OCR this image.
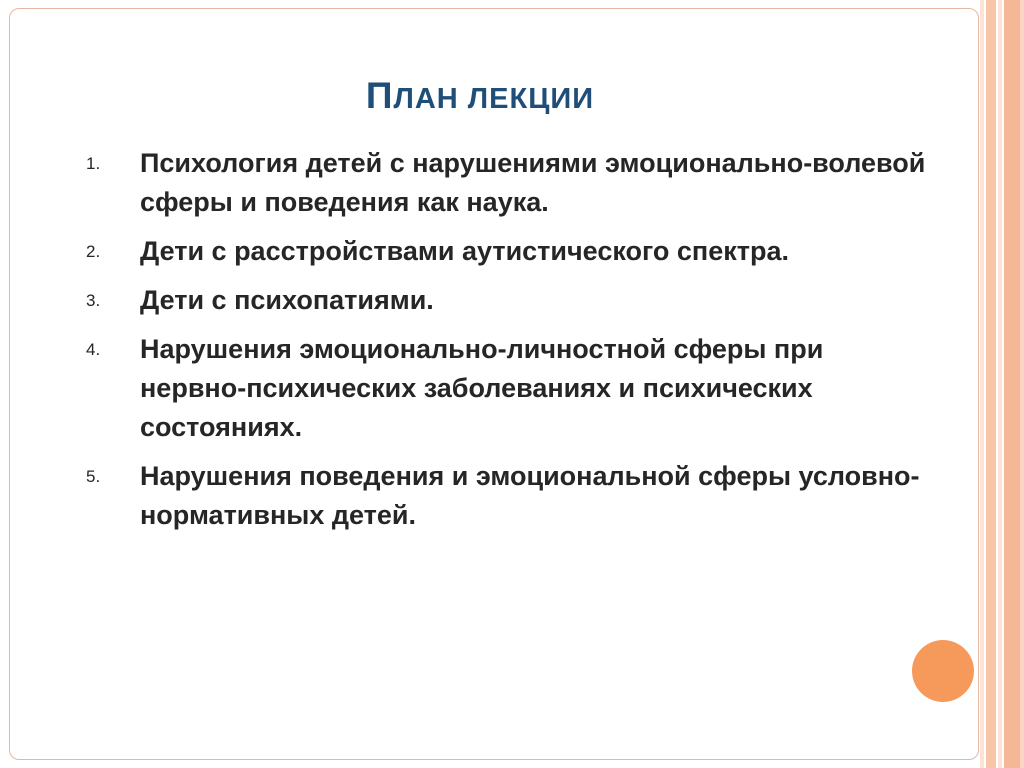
ПЛАН ЛЕКЦИИ
1. Психология детей с нарушениями эмоционально-волевой сферы и поведения как наука.
2. Дети с расстройствами аутистического спектра.
3. Дети с психопатиями.
4. Нарушения эмоционально-личностной сферы при нервно-психических заболеваниях и психических состояниях.
5. Нарушения поведения и эмоциональной сферы условно-нормативных детей.
